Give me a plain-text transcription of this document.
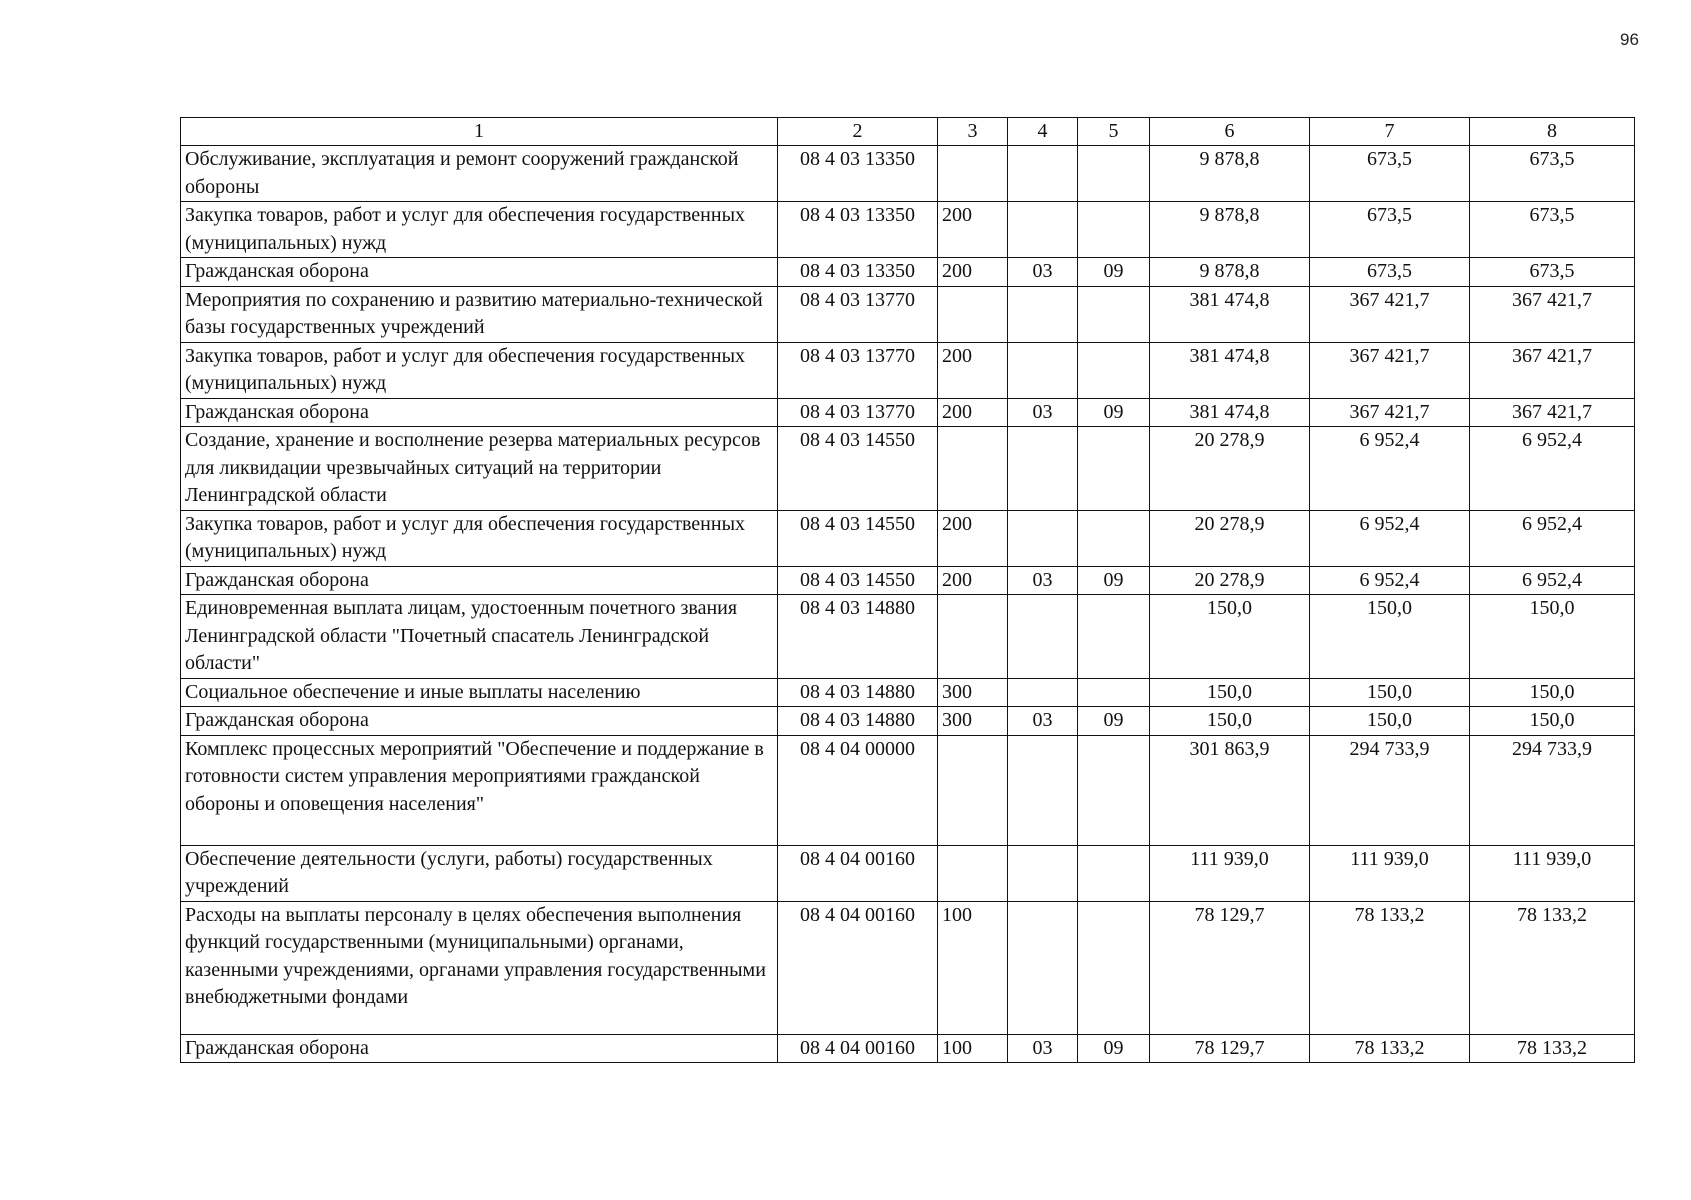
96
1	2	3	4	5	6	7	8
Обслуживание, эксплуатация и ремонт сооружений гражданской обороны	08 4 03 13350				9 878,8	673,5	673,5
Закупка товаров, работ и услуг для обеспечения государственных (муниципальных) нужд	08 4 03 13350	200			9 878,8	673,5	673,5
Гражданская оборона	08 4 03 13350	200	03	09	9 878,8	673,5	673,5
Мероприятия по сохранению и развитию материально-технической базы государственных учреждений	08 4 03 13770				381 474,8	367 421,7	367 421,7
Закупка товаров, работ и услуг для обеспечения государственных (муниципальных) нужд	08 4 03 13770	200			381 474,8	367 421,7	367 421,7
Гражданская оборона	08 4 03 13770	200	03	09	381 474,8	367 421,7	367 421,7
Создание, хранение и восполнение резерва материальных ресурсов для ликвидации чрезвычайных ситуаций на территории Ленинградской области	08 4 03 14550				20 278,9	6 952,4	6 952,4
Закупка товаров, работ и услуг для обеспечения государственных (муниципальных) нужд	08 4 03 14550	200			20 278,9	6 952,4	6 952,4
Гражданская оборона	08 4 03 14550	200	03	09	20 278,9	6 952,4	6 952,4
Единовременная выплата лицам, удостоенным почетного звания Ленинградской области "Почетный спасатель Ленинградской области"	08 4 03 14880				150,0	150,0	150,0
Социальное обеспечение и иные выплаты населению	08 4 03 14880	300			150,0	150,0	150,0
Гражданская оборона	08 4 03 14880	300	03	09	150,0	150,0	150,0
Комплекс процессных мероприятий "Обеспечение и поддержание в готовности систем управления мероприятиями гражданской обороны и оповещения населения"	08 4 04 00000				301 863,9	294 733,9	294 733,9
Обеспечение деятельности (услуги, работы) государственных учреждений	08 4 04 00160				111 939,0	111 939,0	111 939,0
Расходы на выплаты персоналу в целях обеспечения выполнения функций государственными (муниципальными) органами, казенными учреждениями, органами управления государственными внебюджетными фондами	08 4 04 00160	100			78 129,7	78 133,2	78 133,2
Гражданская оборона	08 4 04 00160	100	03	09	78 129,7	78 133,2	78 133,2
